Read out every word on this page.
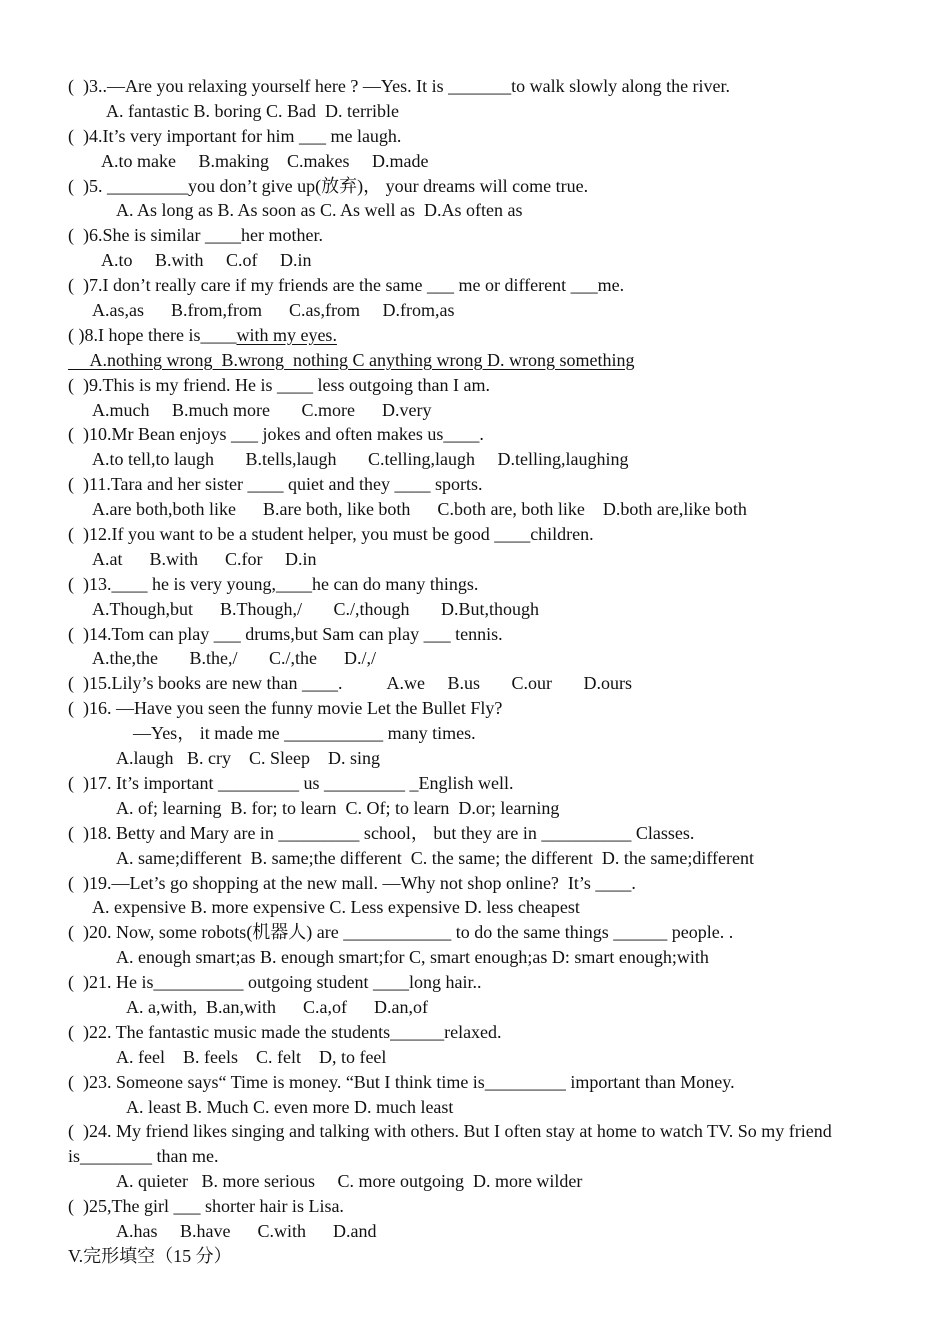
(  )3..—Are you relaxing yourself here ? —Yes. It is _______to walk slowly along the river.
A. fantastic B. boring C. Bad  D. terrible
(  )4.It’s very important for him ___ me laugh.
A.to make     B.making    C.makes     D.made
(  )5. _________you don’t give up(放弃)， your dreams will come true.
A. As long as B. As soon as C. As well as  D.As often as
(  )6.She is similar ____her mother.
A.to     B.with     C.of     D.in
(  )7.I don’t really care if my friends are the same ___ me or different ___me.
A.as,as      B.from,from      C.as,from     D.from,as
( )8.I hope there is____with my eyes.
A.nothing wrong  B.wrong  nothing C anything wrong D. wrong something
(  )9.This is my friend. He is ____ less outgoing than I am.
A.much     B.much more       C.more      D.very
(  )10.Mr Bean enjoys ___ jokes and often makes us____.
A.to tell,to laugh       B.tells,laugh       C.telling,laugh     D.telling,laughing
(  )11.Tara and her sister ____ quiet and they ____ sports.
A.are both,both like      B.are both, like both      C.both are, both like    D.both are,like both
(  )12.If you want to be a student helper, you must be good ____children.
A.at      B.with      C.for     D.in
(  )13.____ he is very young,____he can do many things.
A.Though,but      B.Though,/       C./,though       D.But,though
(  )14.Tom can play ___ drums,but Sam can play ___ tennis.
A.the,the       B.the,/       C./,the      D./,/
(  )15.Lily’s books are new than ____.          A.we     B.us       C.our       D.ours
(  )16. —Have you seen the funny movie Let the Bullet Fly?
—Yes， it made me ___________ many times.
A.laugh   B. cry    C. Sleep    D. sing
(  )17. It’s important _________ us _________ _English well.
A. of; learning  B. for; to learn  C. Of; to learn  D.or; learning
(  )18. Betty and Mary are in _________ school， but they are in __________ Classes.
A. same;different  B. same;the different  C. the same; the different  D. the same;different
(  )19.—Let’s go shopping at the new mall. —Why not shop online?  It’s ____.
A. expensive B. more expensive C. Less expensive D. less cheapest
(  )20. Now, some robots(机器人) are ____________ to do the same things ______ people. .
A. enough smart;as B. enough smart;for C, smart enough;as D: smart enough;with
(  )21. He is__________ outgoing student ____long hair..
A. a,with,  B.an,with      C.a,of      D.an,of
(  )22. The fantastic music made the students______relaxed.
A. feel    B. feels    C. felt    D, to feel
(  )23. Someone says“ Time is money. “But I think time is_________ important than Money.
A. least B. Much C. even more D. much least
(  )24. My friend likes singing and talking with others. But I often stay at home to watch TV. So my friend
is________ than me.
A. quieter   B. more serious     C. more outgoing  D. more wilder
(  )25,The girl ___ shorter hair is Lisa.
A.has     B.have      C.with      D.and
V.完形填空（15 分）
